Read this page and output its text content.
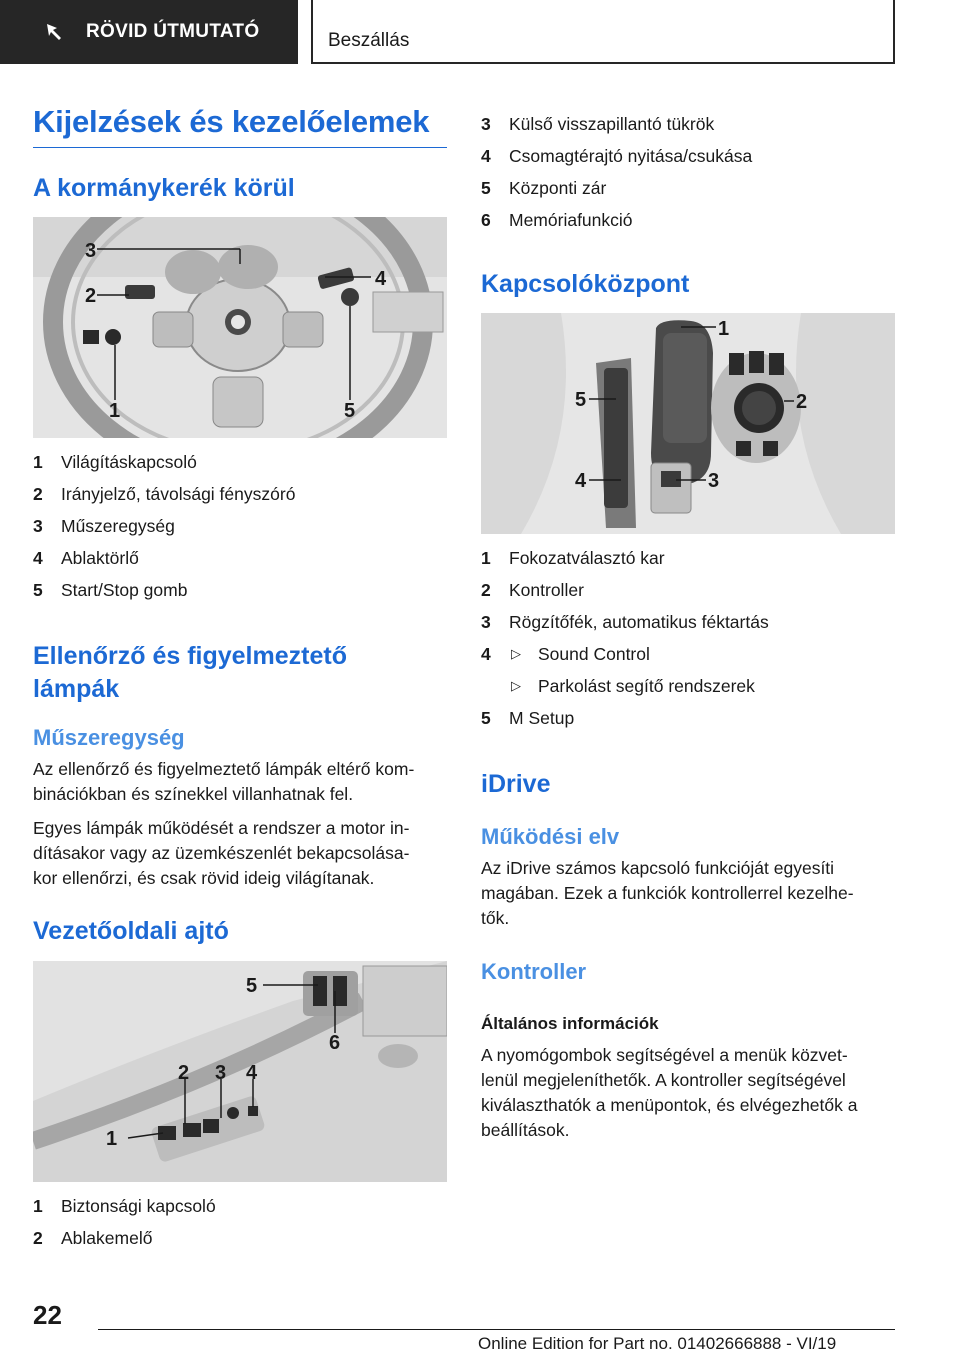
RÖVID ÚTMUTATÓ	Beszállás
Kijelzések és kezelőelemek
A kormánykerék körül
3
2
4
1	5
1	Világításkapcsoló
2	Irányjelző, távolsági fényszóró
3	Műszeregység
4	Ablaktörlő
5	Start/Stop gomb
Ellenőrző és figyelmeztető
lámpák
Műszeregység

Az ellenőrző és figyelmeztető lámpák eltérő kom-
binációkban és színekkel villanhatnak fel.

Egyes lámpák működését a rendszer a motor in-
dításakor vagy az üzemkészenlét bekapcsolása-
kor ellenőrzi, és csak rövid ideig világítanak.

Vezetőoldali ajtó
1
2 3 4
5
6
1	Biztonsági kapcsoló
2	Ablakemelő
3	Külső visszapillantó tükrök
4	Csomagtérajtó nyitása/csukása
5	Központi zár
6	Memóriafunkció
Kapcsolóközpont
1
2
5
4	3
1	Fokozatválasztó kar
2	Kontroller
3	Rögzítőfék, automatikus féktartás
4	▷ Sound Control
▷ Parkolást segítő rendszerek
5	M Setup
iDrive
Működési elv

Az iDrive számos kapcsoló funkcióját egyesíti
magában. Ezek a funkciók kontrollerrel kezelhe-
tők.

Kontroller
Általános információk

A nyomógombok segítségével a menük közvet-
lenül megjeleníthetők. A kontroller segítségével
kiválaszthatók a menüpontok, és elvégezhetők a
beállítások.

22
Online Edition for Part no. 01402666888 - VI/19
